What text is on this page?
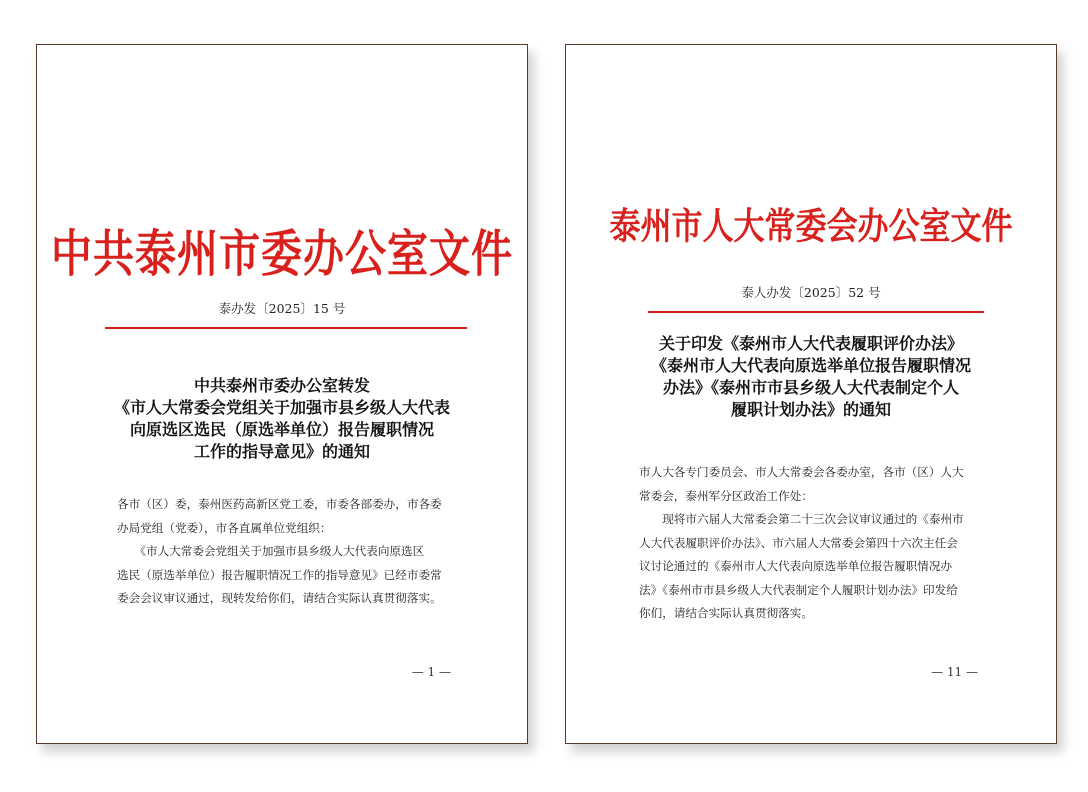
中共泰州市委办公室文件
泰办发〔2025〕15 号
中共泰州市委办公室转发
《市人大常委会党组关于加强市县乡级人大代表
向原选区选民（原选举单位）报告履职情况
工作的指导意见》的通知
各市（区）委，泰州医药高新区党工委，市委各部委办，市各委
办局党组（党委），市各直属单位党组织：
　　《市人大常委会党组关于加强市县乡级人大代表向原选区
选民（原选举单位）报告履职情况工作的指导意见》已经市委常
委会会议审议通过，现转发给你们，请结合实际认真贯彻落实。
— 1 —
泰州市人大常委会办公室文件
泰人办发〔2025〕52 号
关于印发《泰州市人大代表履职评价办法》
《泰州市人大代表向原选举单位报告履职情况
办法》《泰州市市县乡级人大代表制定个人
履职计划办法》的通知
市人大各专门委员会、市人大常委会各委办室，各市（区）人大
常委会，泰州军分区政治工作处：
　　现将市六届人大常委会第二十三次会议审议通过的《泰州市
人大代表履职评价办法》、市六届人大常委会第四十六次主任会
议讨论通过的《泰州市人大代表向原选举单位报告履职情况办
法》《泰州市市县乡级人大代表制定个人履职计划办法》印发给
你们，请结合实际认真贯彻落实。
— 11 —
